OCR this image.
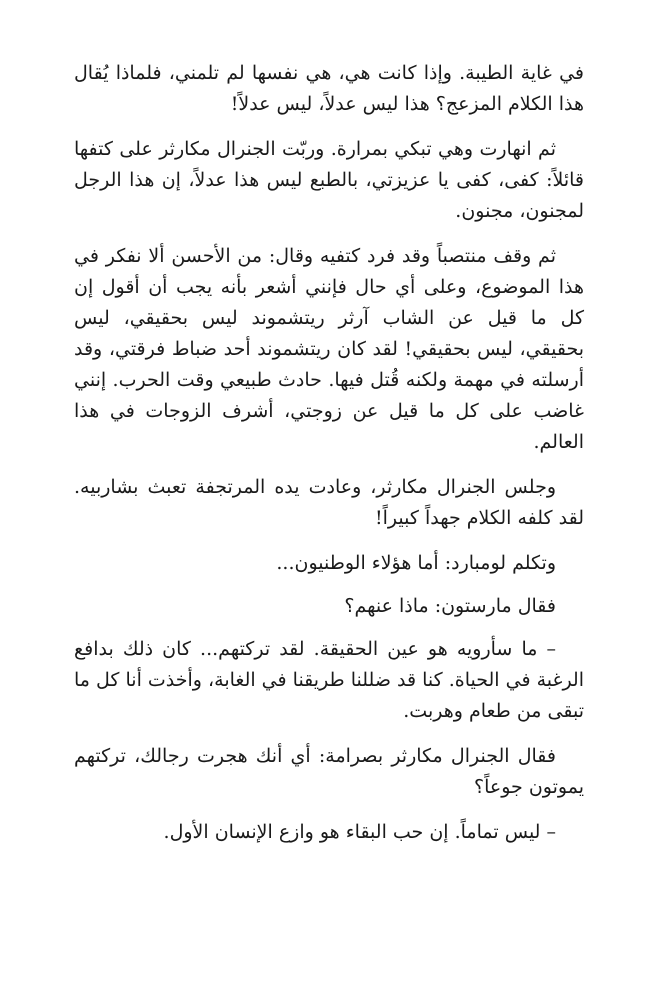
في غاية الطيبة. وإذا كانت هي، هي نفسها لم تلمني، فلماذا يُقال هذا الكلام المزعج؟ هذا ليس عدلاً، ليس عدلاً!

ثم انهارت وهي تبكي بمرارة. وربّت الجنرال مكارثر على كتفها قائلاً: كفى، كفى يا عزيزتي، بالطبع ليس هذا عدلاً، إن هذا الرجل لمجنون، مجنون.

ثم وقف منتصباً وقد فرد كتفيه وقال: من الأحسن ألا نفكر في هذا الموضوع، وعلى أي حال فإنني أشعر بأنه يجب أن أقول إن كل ما قيل عن الشاب آرثر ريتشموند ليس بحقيقي، ليس بحقيقي، ليس بحقيقي! لقد كان ريتشموند أحد ضباط فرقتي، وقد أرسلته في مهمة ولكنه قُتل فيها. حادث طبيعي وقت الحرب. إنني غاضب على كل ما قيل عن زوجتي، أشرف الزوجات في هذا العالم.

وجلس الجنرال مكارثر، وعادت يده المرتجفة تعبث بشاربيه. لقد كلفه الكلام جهداً كبيراً!

وتكلم لومبارد: أما هؤلاء الوطنيون...

فقال مارستون: ماذا عنهم؟

– ما سأرويه هو عين الحقيقة. لقد تركتهم... كان ذلك بدافع الرغبة في الحياة. كنا قد ضللنا طريقنا في الغابة، وأخذت أنا كل ما تبقى من طعام وهربت.

فقال الجنرال مكارثر بصرامة: أي أنك هجرت رجالك، تركتهم يموتون جوعاً؟

– ليس تماماً. إن حب البقاء هو وازع الإنسان الأول.
